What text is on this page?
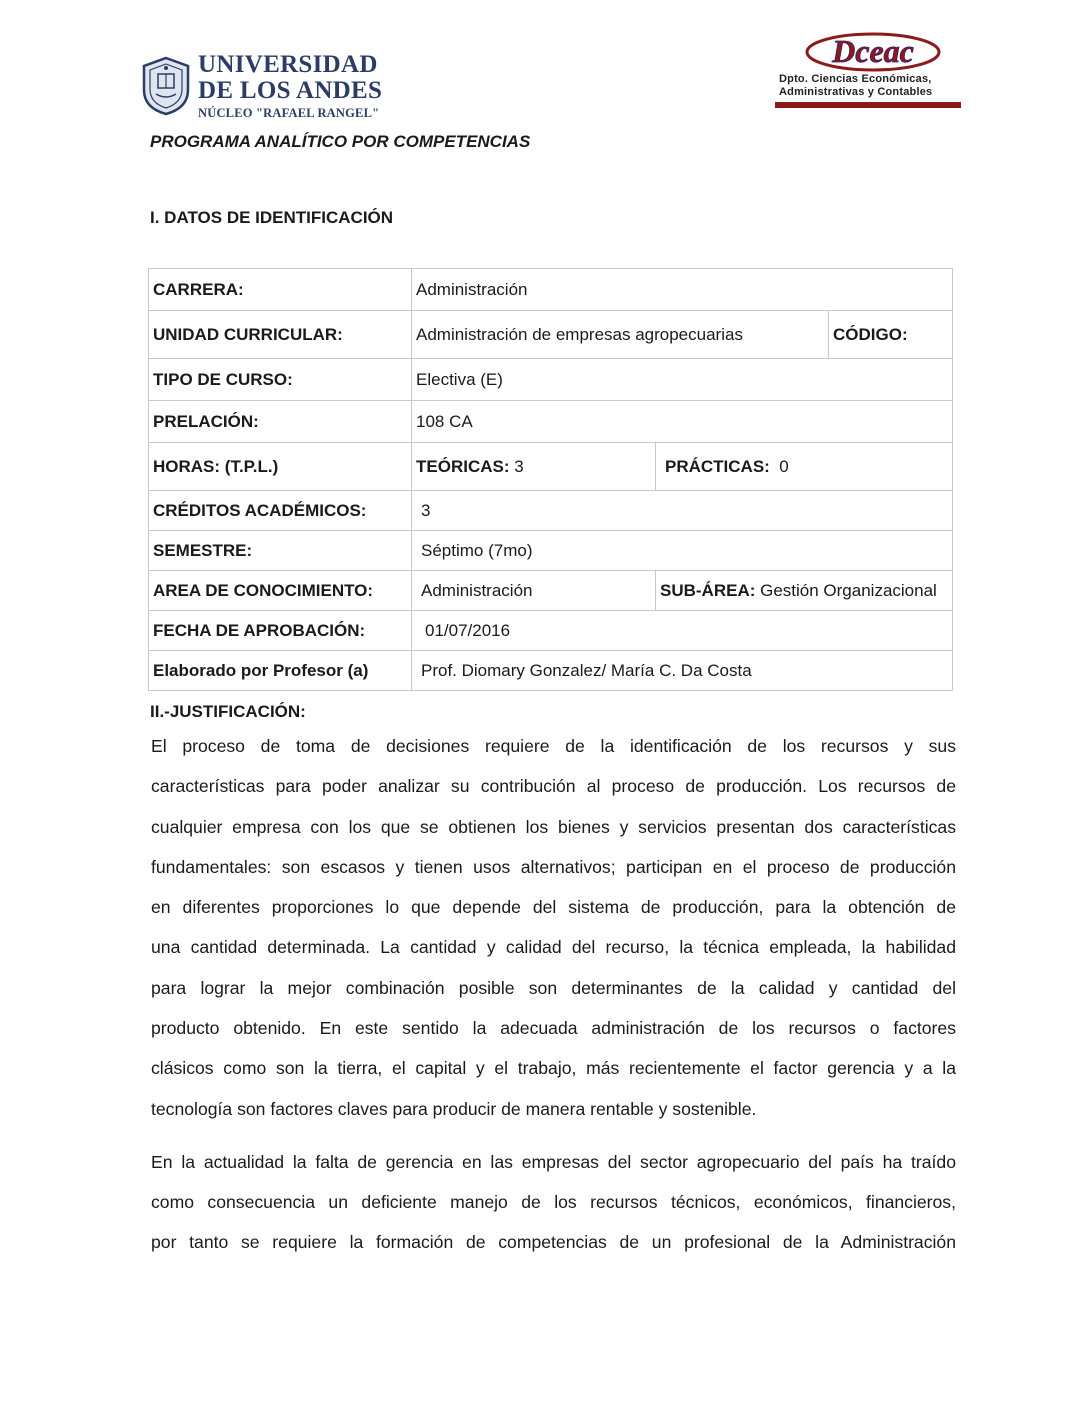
UNIVERSIDAD
DE LOS ANDES
NÚCLEO "RAFAEL RANGEL"
Dceac
Dpto. Ciencias Económicas,
Administrativas y Contables
PROGRAMA ANALÍTICO POR COMPETENCIAS
I. DATOS DE IDENTIFICACIÓN
CARRERA:	Administración		
UNIDAD CURRICULAR:	Administración de empresas agropecuarias		CÓDIGO:
TIPO DE CURSO:	Electiva (E)		
PRELACIÓN:	108 CA		
HORAS: (T.P.L.)	TEÓRICAS: 3	PRÁCTICAS:  0	
CRÉDITOS ACADÉMICOS:	3		
SEMESTRE:	Séptimo (7mo)		
AREA DE CONOCIMIENTO:	Administración	SUB-ÁREA: Gestión Organizacional	
FECHA DE APROBACIÓN:	01/07/2016		
Elaborado por Profesor (a)	Prof. Diomary Gonzalez/ María C. Da Costa		
II.-JUSTIFICACIÓN:
El proceso de toma de decisiones requiere de la identificación de los recursos y sus
características para poder analizar su contribución al proceso de producción. Los recursos de
cualquier empresa con los que se obtienen los bienes y servicios presentan dos características
fundamentales: son escasos y tienen usos alternativos; participan en el proceso de producción
en diferentes proporciones lo que depende del sistema de producción, para la obtención de
una cantidad determinada. La cantidad y calidad del recurso, la técnica empleada, la habilidad
para lograr la mejor combinación posible son determinantes de la calidad y cantidad del
producto obtenido. En este sentido la adecuada administración de los recursos o factores
clásicos como son la tierra, el capital y el trabajo, más recientemente el factor gerencia y a la
tecnología son factores claves para producir de manera rentable y sostenible.
En la actualidad la falta de gerencia en las empresas del sector agropecuario del país ha traído
como consecuencia un deficiente manejo de los recursos técnicos, económicos, financieros,
por tanto se requiere la formación de competencias de un profesional de la Administración
